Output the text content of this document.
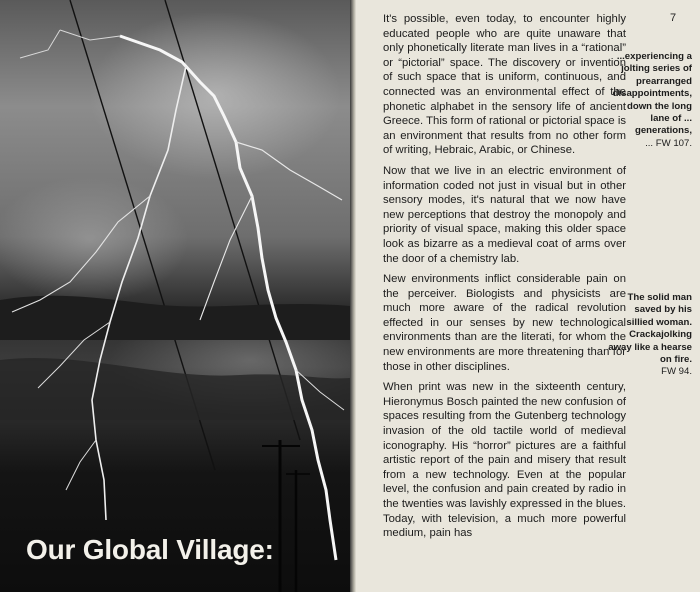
Our Global Village:

7

It's possible, even today, to encounter highly educated people who are quite unaware that only phonetically literate man lives in a “rational” or “pictorial” space. The discovery or invention of such space that is uniform, continuous, and connected was an environmental effect of the phonetic alphabet in the sensory life of ancient Greece. This form of rational or pictorial space is an environment that results from no other form of writing, Hebraic, Arabic, or Chinese.

Now that we live in an electric environment of information coded not just in visual but in other sensory modes, it's natural that we now have new perceptions that destroy the monopoly and priority of visual space, making this older space look as bizarre as a medieval coat of arms over the door of a chemistry lab.

New environments inflict considerable pain on the perceiver. Biologists and physicists are much more aware of the radical revolution effected in our senses by new technological environments than are the literati, for whom the new environments are more threatening than for those in other disciplines.

When print was new in the sixteenth century, Hieronymus Bosch painted the new confusion of spaces resulting from the Gutenberg technology invasion of the old tactile world of medieval iconography. His “horror” pictures are a faithful artistic report of the pain and misery that result from a new technology. Even at the popular level, the confusion and pain created by radio in the twenties was lavishly expressed in the blues. Today, with television, a much more powerful medium, pain has

...experiencing a jolting series of prearranged disappointments, down the long lane of ... generations,
... FW 107.
The solid man saved by his sillied woman. Crackajolking away like a hearse on fire.
FW 94.
